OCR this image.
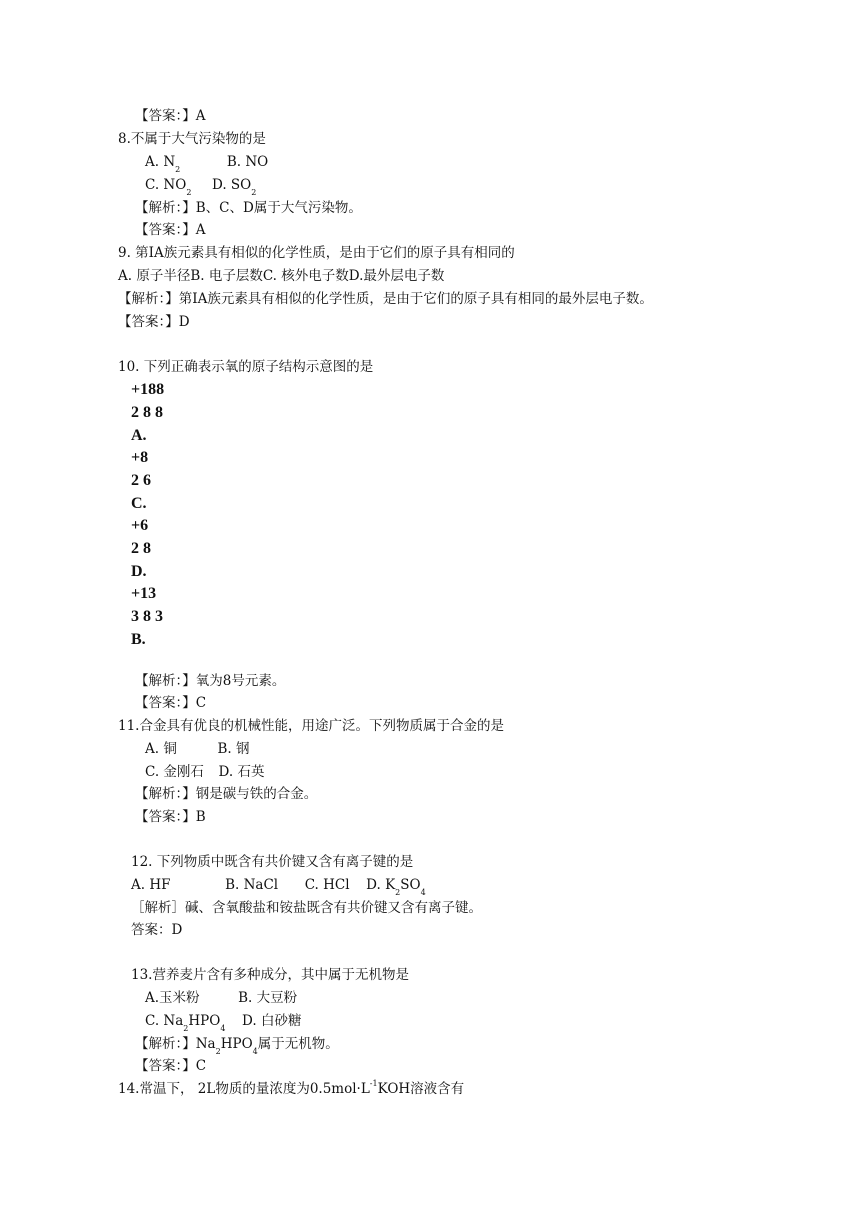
【答案：】A
8.不属于大气污染物的是
A. $N_2$	B. NO
C. $NO_2$ D. $SO_2$
【解析：】B、C、D属于大气污染物。
【答案：】A
9. 第IA族元素具有相似的化学性质，是由于它们的原子具有相同的
A. 原子半径B. 电子层数C. 核外电子数D.最外层电子数
【解析：】第IA族元素具有相似的化学性质，是由于它们的原子具有相同的最外层电子数。
【答案：】D
10. 下列正确表示氧的原子结构示意图的是
+188
2 8 8
A.
+8
2 6
C.
+6
2 8
D.
+13
3 8 3
B.
【解析：】氧为8号元素。
【答案：】C
11.合金具有优良的机械性能，用途广泛。下列物质属于合金的是
A. 铜	B. 钢
C. 金刚石 D. 石英
【解析：】钢是碳与铁的合金。
【答案：】B
12. 下列物质中既含有共价键又含有离子键的是
A. HF	B. NaCl C. HCl D. $K_2SO_4$
［解析］碱、含氧酸盐和铵盐既含有共价键又含有离子键。
答案：D
13.营养麦片含有多种成分，其中属于无机物是
A.玉米粉	B. 大豆粉
C. $Na_2HPO_4$ D. 白砂糖
【解析：】$Na_2HPO_4$属于无机物。
【答案：】C
14.常温下， 2L物质的量浓度为$0.5mol\cdot L^{-1}KOH$溶液含有
